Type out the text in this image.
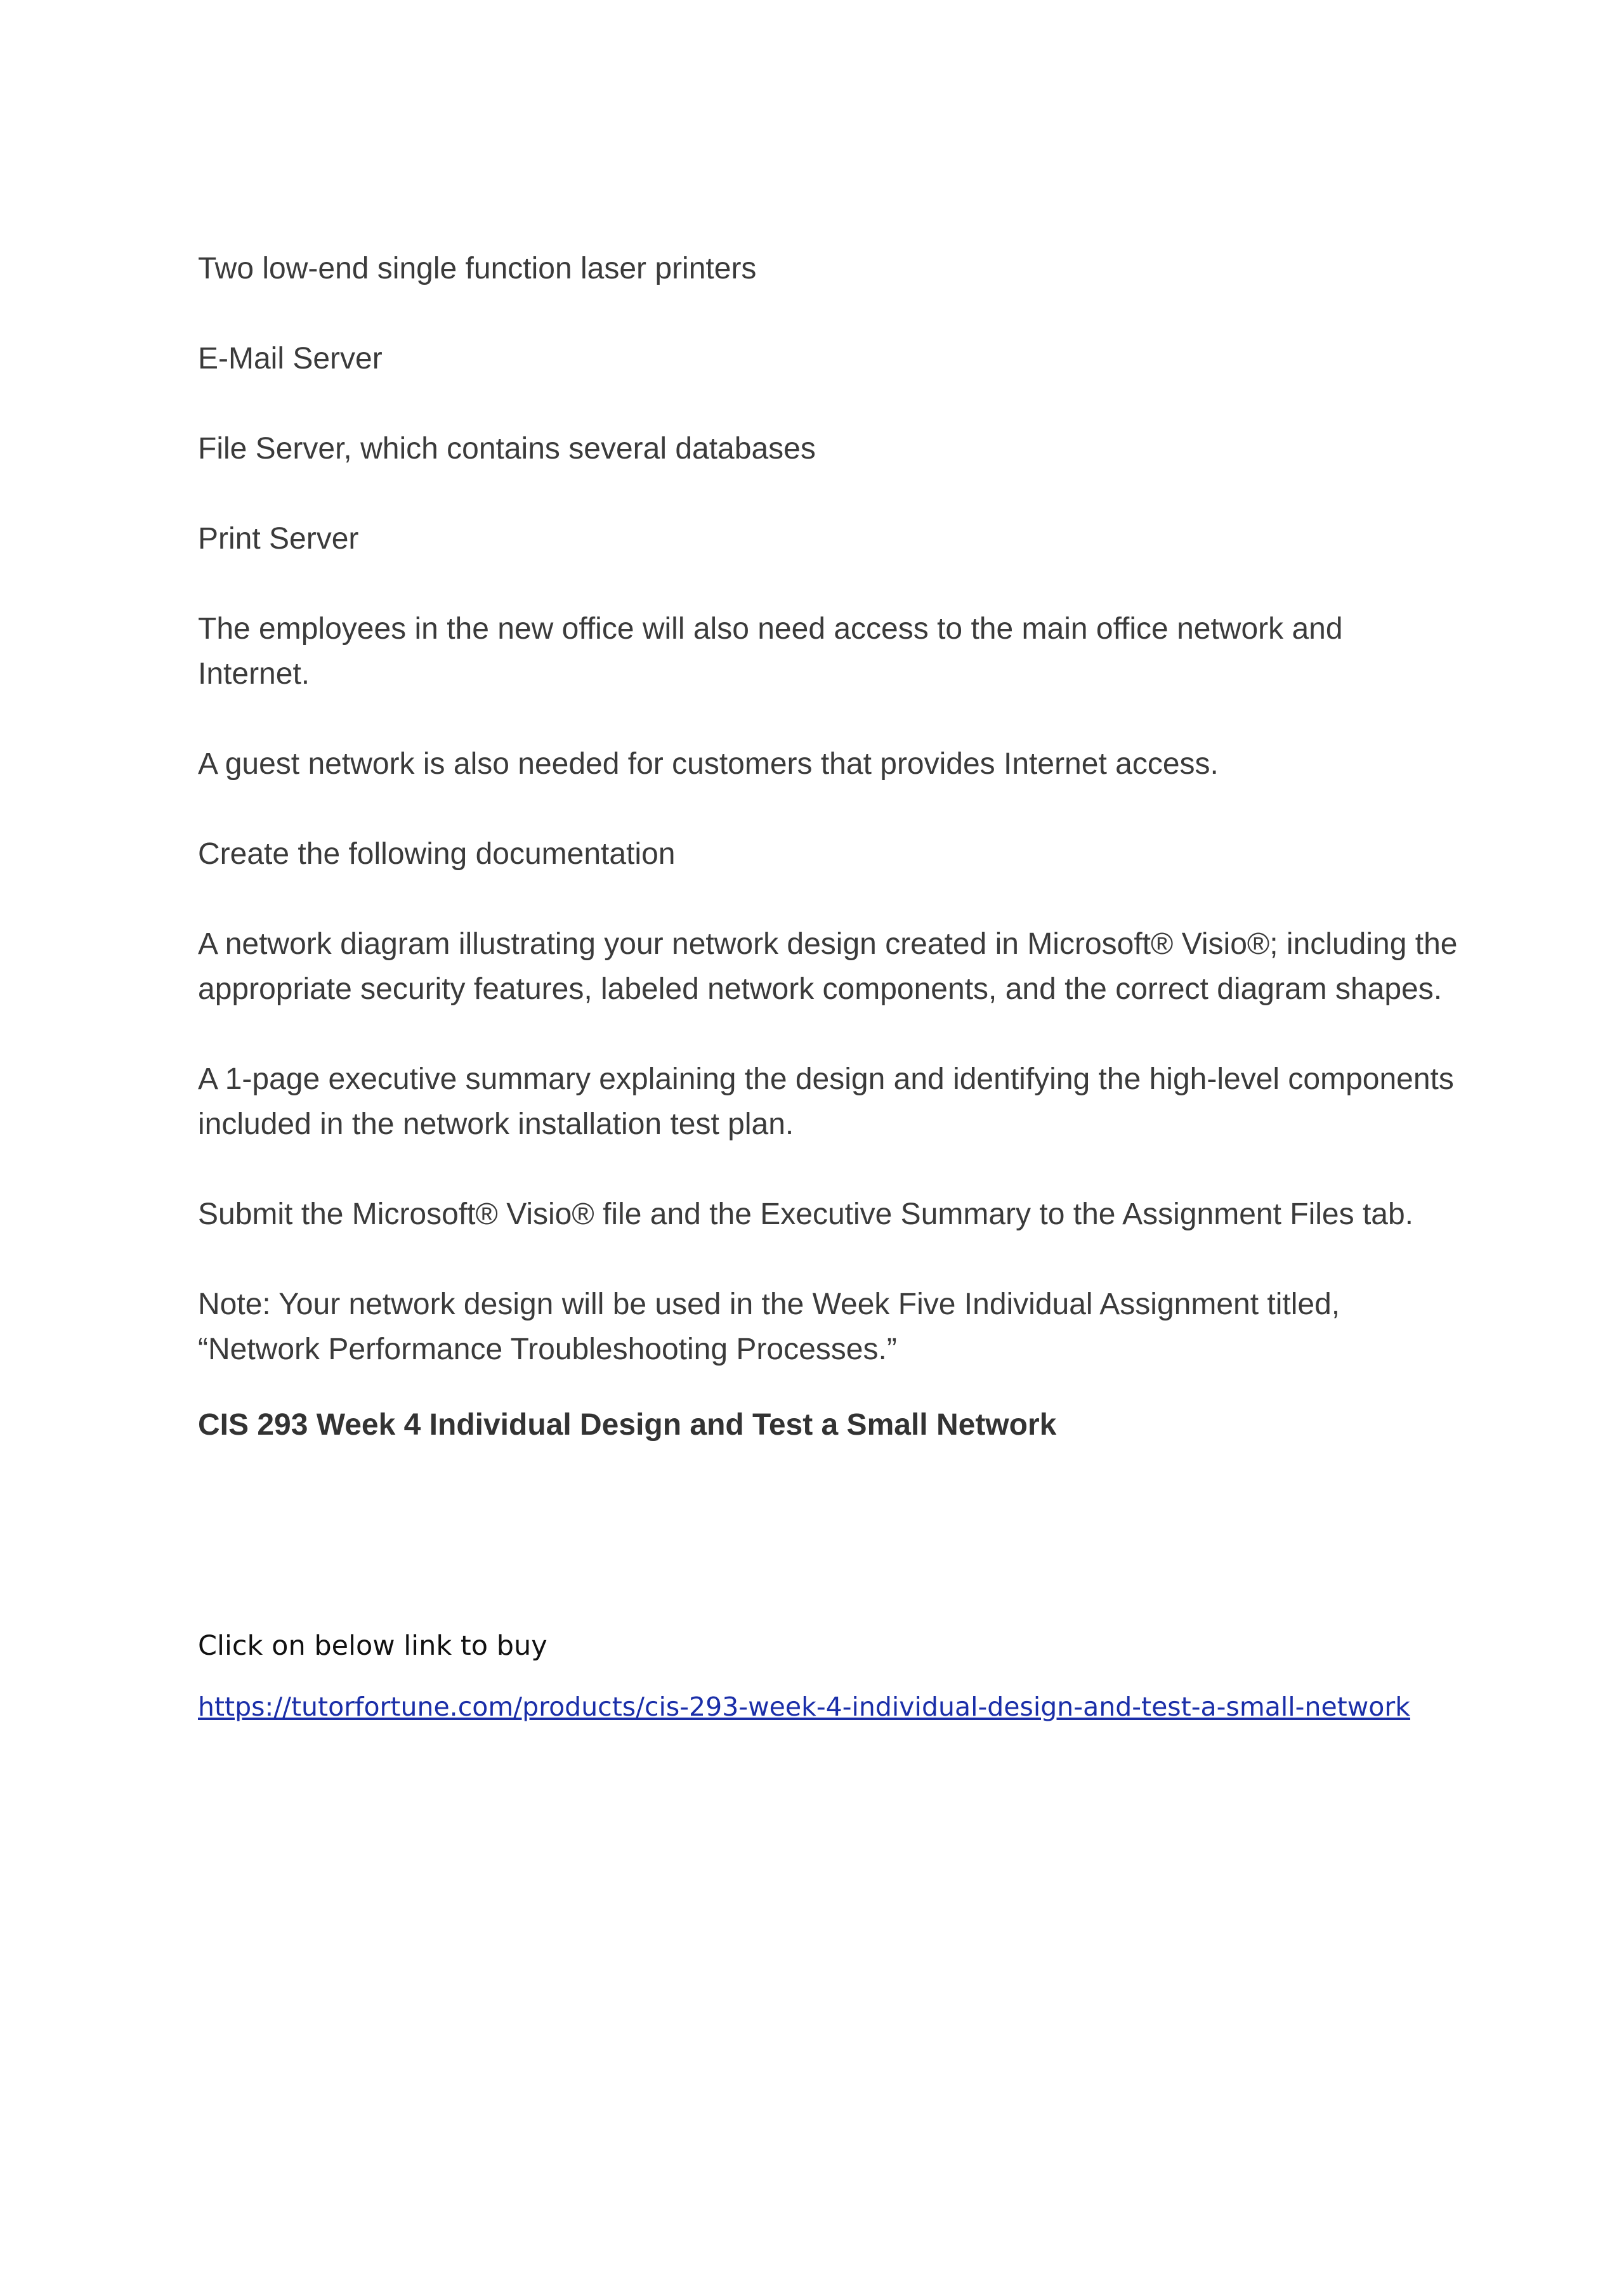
Two low-end single function laser printers

E-Mail Server

File Server, which contains several databases

Print Server

The employees in the new office will also need access to the main office network and Internet.

A guest network is also needed for customers that provides Internet access.

Create the following documentation

A network diagram illustrating your network design created in Microsoft® Visio®; including the appropriate security features, labeled network components, and the correct diagram shapes.

A 1-page executive summary explaining the design and identifying the high-level components included in the network installation test plan.

Submit the Microsoft® Visio® file and the Executive Summary to the Assignment Files tab.

Note: Your network design will be used in the Week Five Individual Assignment titled, “Network Performance Troubleshooting Processes.”

CIS 293 Week 4 Individual Design and Test a Small Network

Click on below link to buy

https://tutorfortune.com/products/cis-293-week-4-individual-design-and-test-a-small-network
